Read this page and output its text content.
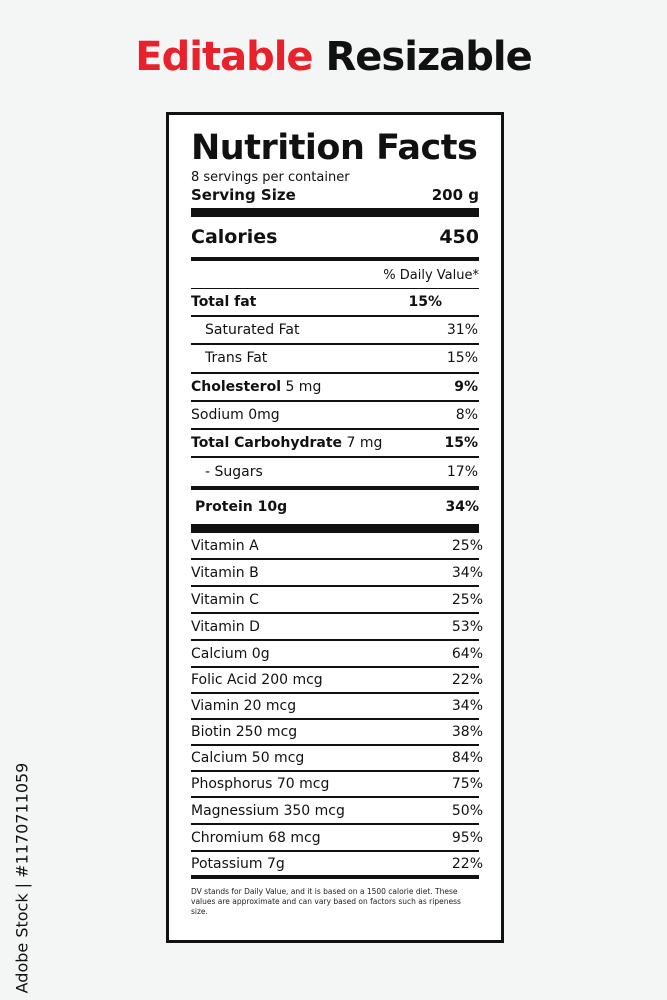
Editable Resizable
Nutrition Facts
8 servings per container
Serving Size	200 g
Calories	450
% Daily Value*
Total fat	15%
Saturated Fat	31%
Trans Fat	15%
Cholesterol 5 mg	9%
Sodium 0mg	8%
Total Carbohydrate 7 mg	15%
- Sugars	17%
Protein 10g	34%
Vitamin A	25%
Vitamin B	34%
Vitamin C	25%
Vitamin D	53%
Calcium 0g	64%
Folic Acid 200 mcg	22%
Viamin 20 mcg	34%
Biotin 250 mcg	38%
Calcium 50 mcg	84%
Phosphorus 70 mcg	75%
Magnessium 350 mcg	50%
Chromium 68 mcg	95%
Potassium 7g	22%
DV stands for Daily Value, and it is based on a 1500 calorie diet. These values are approximate and can vary based on factors such as ripeness size.
Adobe Stock | #1170711059
